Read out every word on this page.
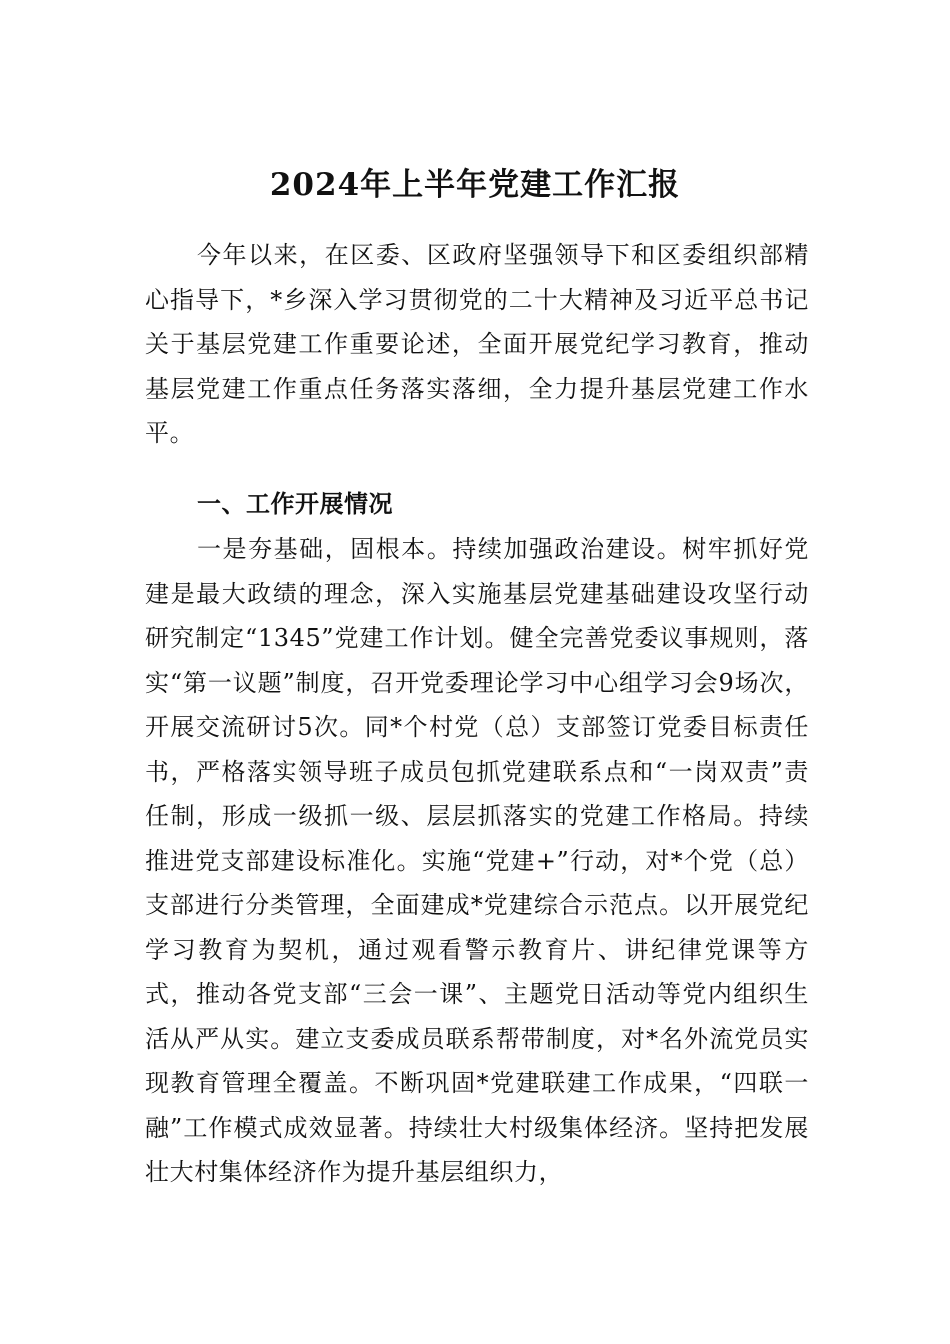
2024年上半年党建工作汇报

今年以来，在区委、区政府坚强领导下和区委组织部精心指导下，*乡深入学习贯彻党的二十大精神及习近平总书记关于基层党建工作重要论述，全面开展党纪学习教育，推动基层党建工作重点任务落实落细，全力提升基层党建工作水平。

一、工作开展情况

一是夯基础，固根本。持续加强政治建设。树牢抓好党建是最大政绩的理念，深入实施基层党建基础建设攻坚行动研究制定“1345”党建工作计划。健全完善党委议事规则，落实“第一议题”制度，召开党委理论学习中心组学习会9场次，开展交流研讨5次。同*个村党（总）支部签订党委目标责任书，严格落实领导班子成员包抓党建联系点和“一岗双责”责任制，形成一级抓一级、层层抓落实的党建工作格局。持续推进党支部建设标准化。实施“党建+”行动，对*个党（总）支部进行分类管理，全面建成*党建综合示范点。以开展党纪学习教育为契机，通过观看警示教育片、讲纪律党课等方式，推动各党支部“三会一课”、主题党日活动等党内组织生活从严从实。建立支委成员联系帮带制度，对*名外流党员实现教育管理全覆盖。不断巩固*党建联建工作成果，“四联一融”工作模式成效显著。持续壮大村级集体经济。坚持把发展壮大村集体经济作为提升基层组织力，
